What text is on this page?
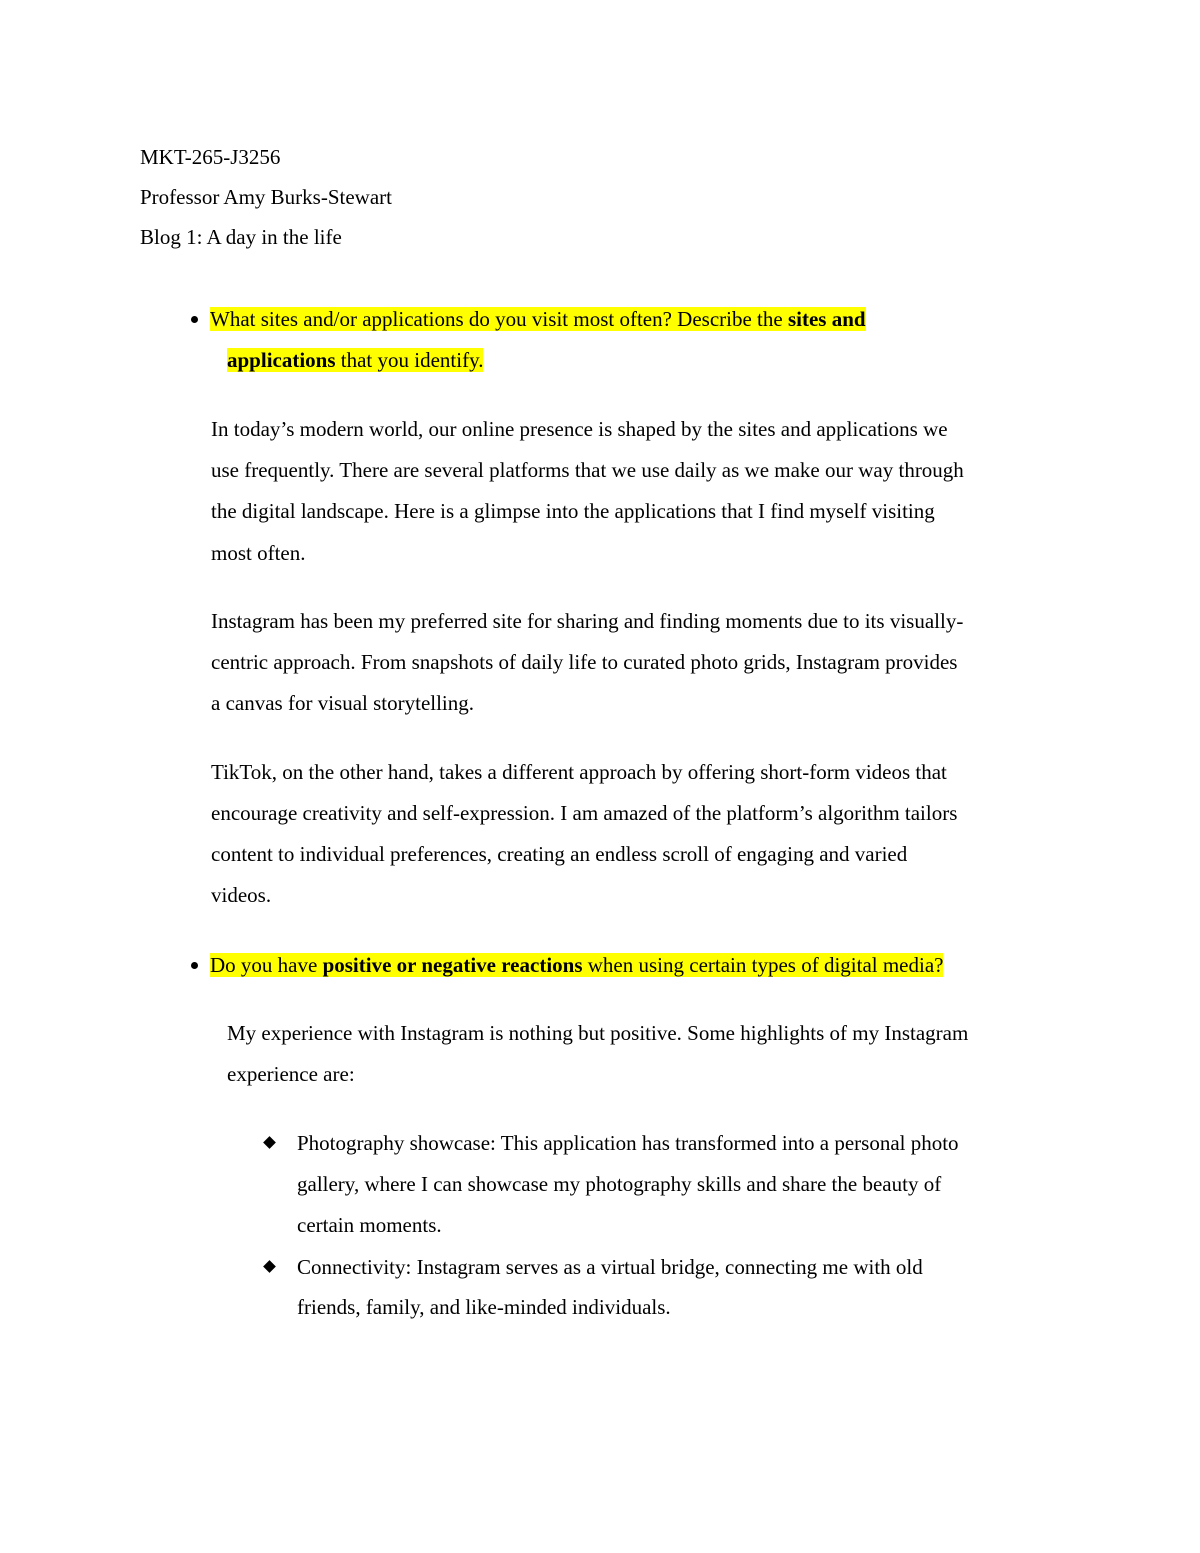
MKT-265-J3256
Professor Amy Burks-Stewart
Blog 1: A day in the life
What sites and/or applications do you visit most often? Describe the sites and
applications that you identify.
In today’s modern world, our online presence is shaped by the sites and applications we
use frequently. There are several platforms that we use daily as we make our way through
the digital landscape. Here is a glimpse into the applications that I find myself visiting
most often.
Instagram has been my preferred site for sharing and finding moments due to its visually-
centric approach. From snapshots of daily life to curated photo grids, Instagram provides
a canvas for visual storytelling.
TikTok, on the other hand, takes a different approach by offering short-form videos that
encourage creativity and self-expression. I am amazed of the platform’s algorithm tailors
content to individual preferences, creating an endless scroll of engaging and varied
videos.
Do you have positive or negative reactions when using certain types of digital media?
My experience with Instagram is nothing but positive. Some highlights of my Instagram
experience are:
Photography showcase: This application has transformed into a personal photo
gallery, where I can showcase my photography skills and share the beauty of
certain moments.
Connectivity: Instagram serves as a virtual bridge, connecting me with old
friends, family, and like-minded individuals.
